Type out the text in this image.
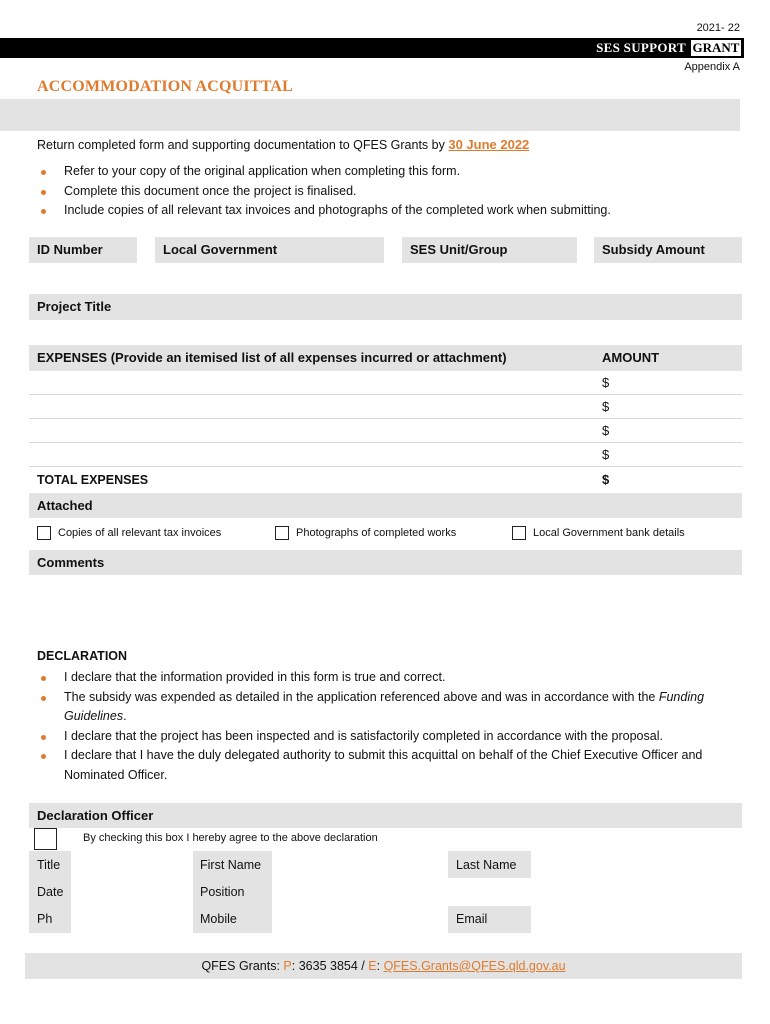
2021- 22
SES SUPPORT GRANT
Appendix A
ACCOMMODATION ACQUITTAL
Return completed form and supporting documentation to QFES Grants by 30 June 2022
Refer to your copy of the original application when completing this form.
Complete this document once the project is finalised.
Include copies of all relevant tax invoices and photographs of the completed work when submitting.
ID Number	Local Government	SES Unit/Group	Subsidy Amount
Project Title
EXPENSES (Provide an itemised list of all expenses incurred or attachment)	AMOUNT
$
$
$
$
TOTAL EXPENSES	$
Attached
Copies of all relevant tax invoices	Photographs of completed works	Local Government bank details
Comments
DECLARATION
I declare that the information provided in this form is true and correct.
The subsidy was expended as detailed in the application referenced above and was in accordance with the Funding Guidelines.
I declare that the project has been inspected and is satisfactorily completed in accordance with the proposal.
I declare that I have the duly delegated authority to submit this acquittal on behalf of the Chief Executive Officer and Nominated Officer.
Declaration Officer
By checking this box I hereby agree to the above declaration
Title	First Name	Last Name
Date	Position
Ph	Mobile	Email
QFES Grants: P: 3635 3854 / E: QFES.Grants@QFES.qld.gov.au
